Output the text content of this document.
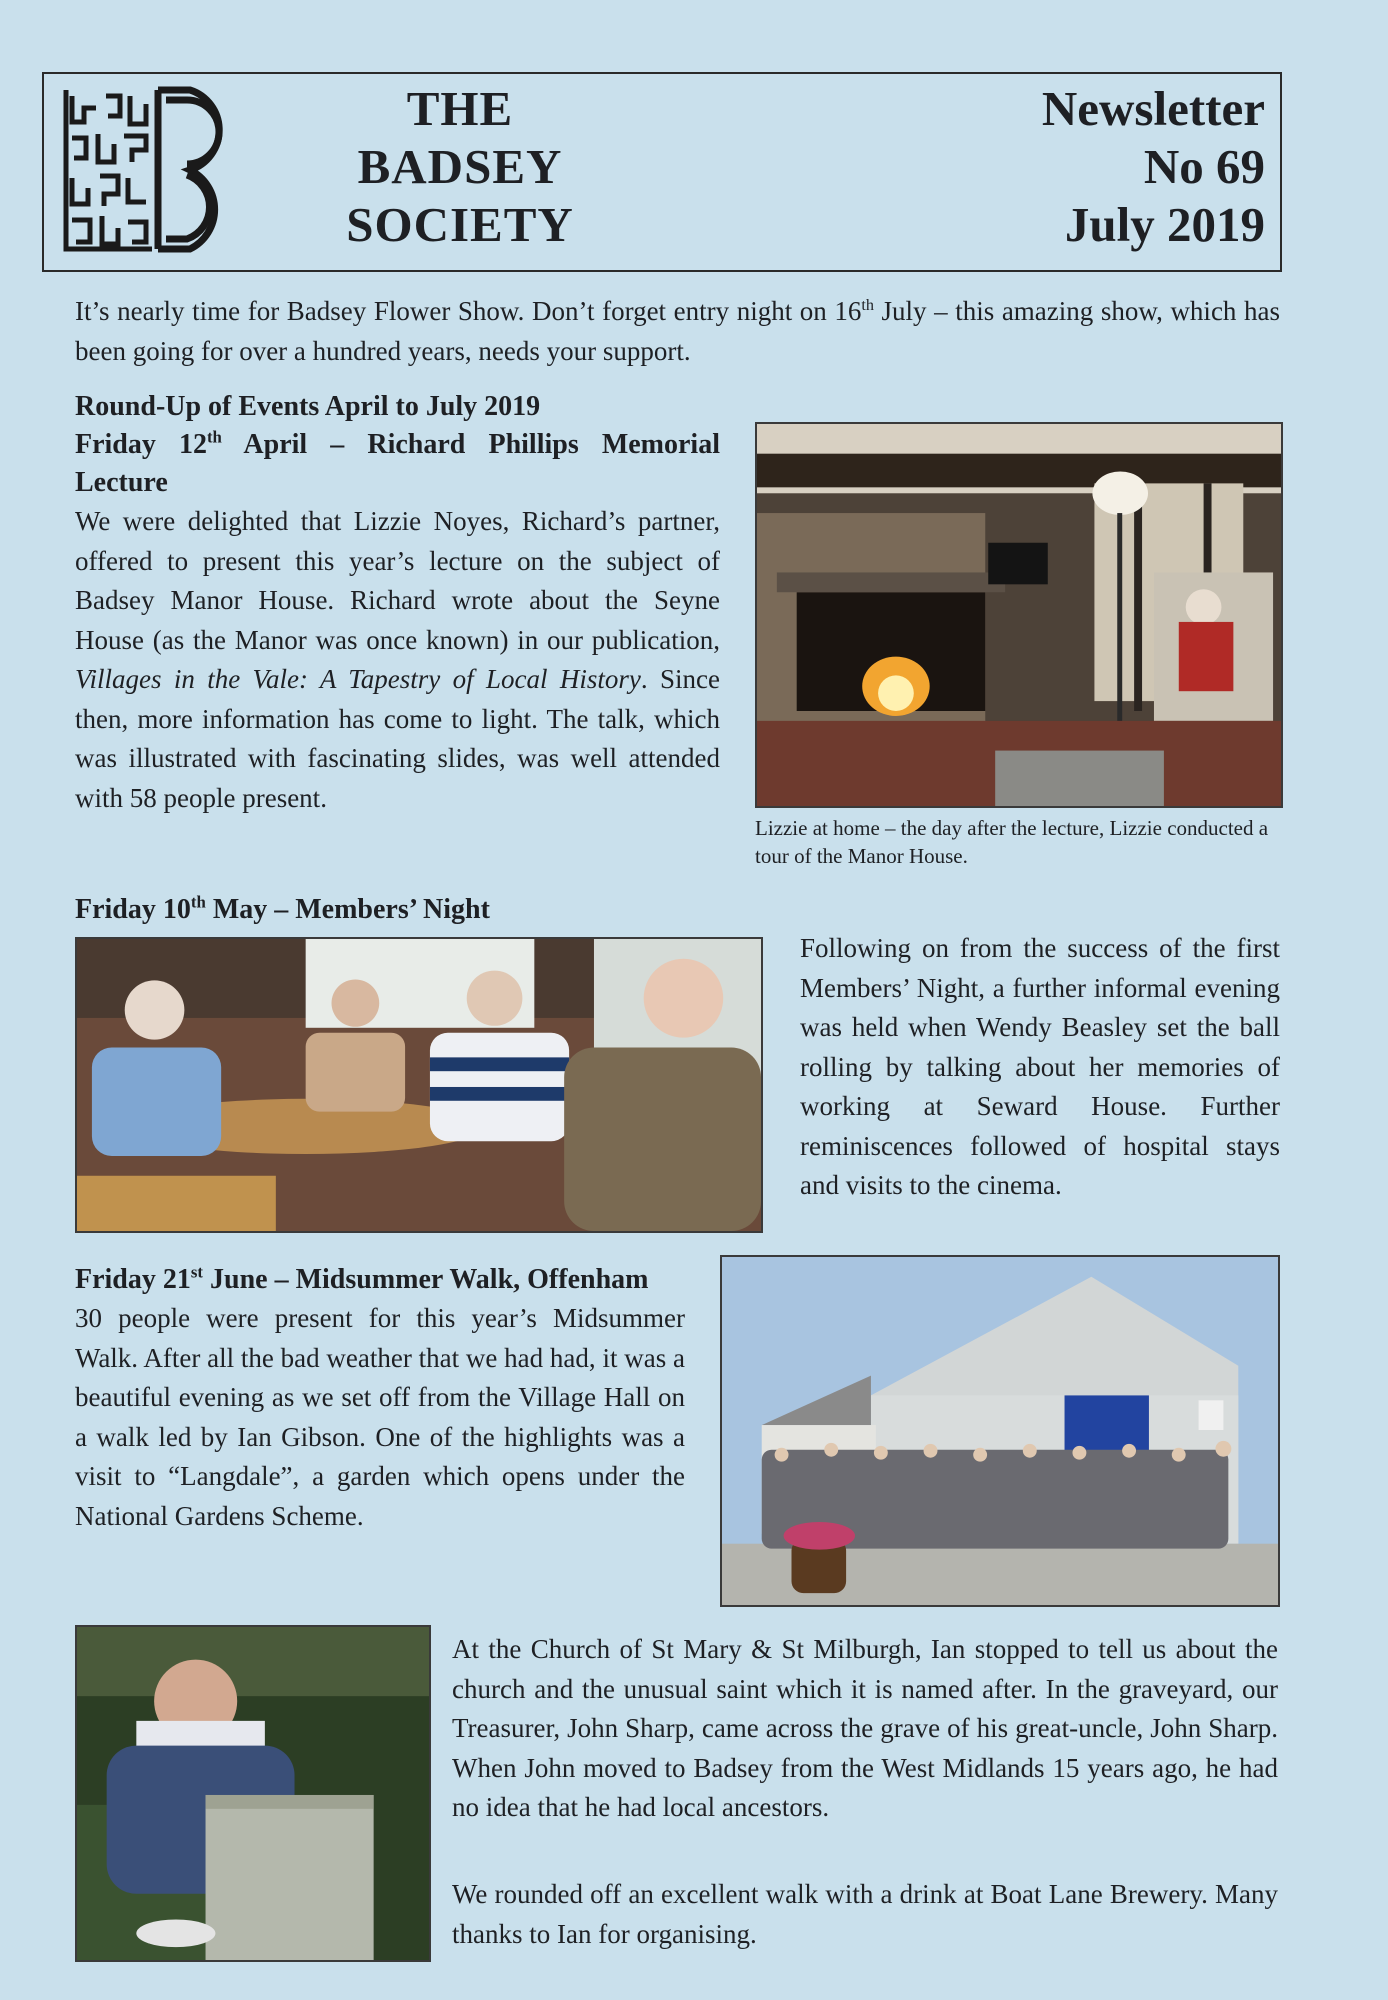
THE
BADSEY
SOCIETY
Newsletter
No 69
July 2019

It’s nearly time for Badsey Flower Show. Don’t forget entry night on 16th July – this amazing show, which has been going for over a hundred years, needs your support.

Round-Up of Events April to July 2019

Friday 12th April – Richard Phillips Memorial Lecture

We were delighted that Lizzie Noyes, Richard’s partner, offered to present this year’s lecture on the subject of Badsey Manor House. Richard wrote about the Seyne House (as the Manor was once known) in our publication, Villages in the Vale: A Tapestry of Local History. Since then, more information has come to light. The talk, which was illustrated with fascinating slides, was well attended with 58 people present.

Lizzie at home – the day after the lecture, Lizzie conducted a tour of the Manor House.

Friday 10th May – Members’ Night

Following on from the success of the first Members’ Night, a further informal evening was held when Wendy Beasley set the ball rolling by talking about her memories of working at Seward House. Further reminiscences followed of hospital stays and visits to the cinema.

Friday 21st June – Midsummer Walk, Offenham

30 people were present for this year’s Midsummer Walk. After all the bad weather that we had had, it was a beautiful evening as we set off from the Village Hall on a walk led by Ian Gibson. One of the highlights was a visit to “Langdale”, a garden which opens under the National Gardens Scheme.

At the Church of St Mary & St Milburgh, Ian stopped to tell us about the church and the unusual saint which it is named after. In the graveyard, our Treasurer, John Sharp, came across the grave of his great-uncle, John Sharp. When John moved to Badsey from the West Midlands 15 years ago, he had no idea that he had local ancestors.

We rounded off an excellent walk with a drink at Boat Lane Brewery. Many thanks to Ian for organising.
